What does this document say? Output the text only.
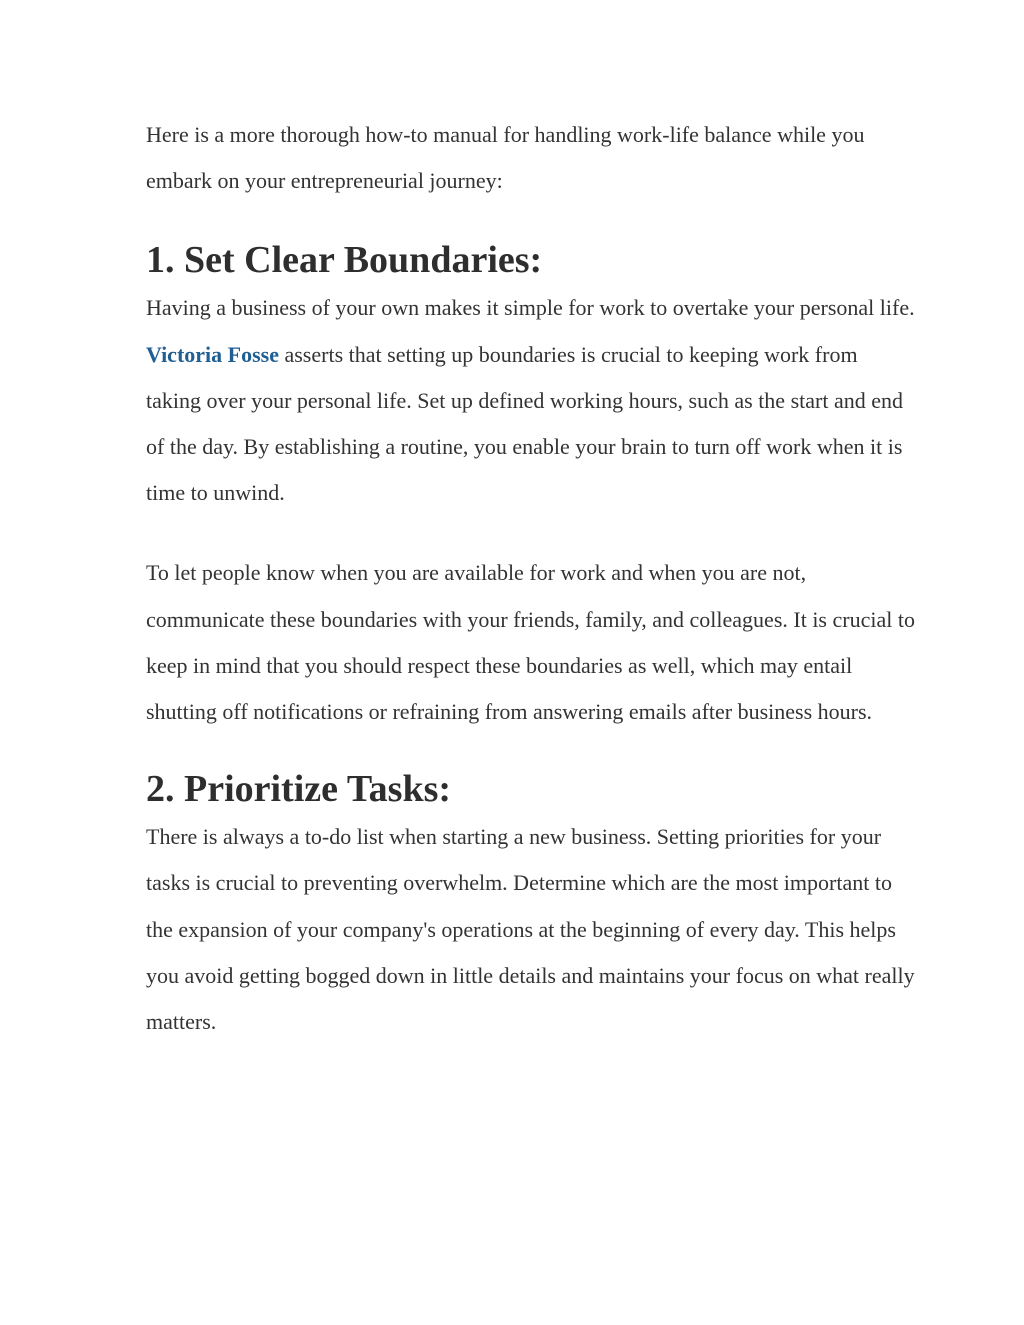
Here is a more thorough how-to manual for handling work-life balance while you embark on your entrepreneurial journey:

1. Set Clear Boundaries:

Having a business of your own makes it simple for work to overtake your personal life. Victoria Fosse asserts that setting up boundaries is crucial to keeping work from taking over your personal life. Set up defined working hours, such as the start and end of the day. By establishing a routine, you enable your brain to turn off work when it is time to unwind.

To let people know when you are available for work and when you are not, communicate these boundaries with your friends, family, and colleagues. It is crucial to keep in mind that you should respect these boundaries as well, which may entail shutting off notifications or refraining from answering emails after business hours.

2. Prioritize Tasks:

There is always a to-do list when starting a new business. Setting priorities for your tasks is crucial to preventing overwhelm. Determine which are the most important to the expansion of your company's operations at the beginning of every day. This helps you avoid getting bogged down in little details and maintains your focus on what really matters.
